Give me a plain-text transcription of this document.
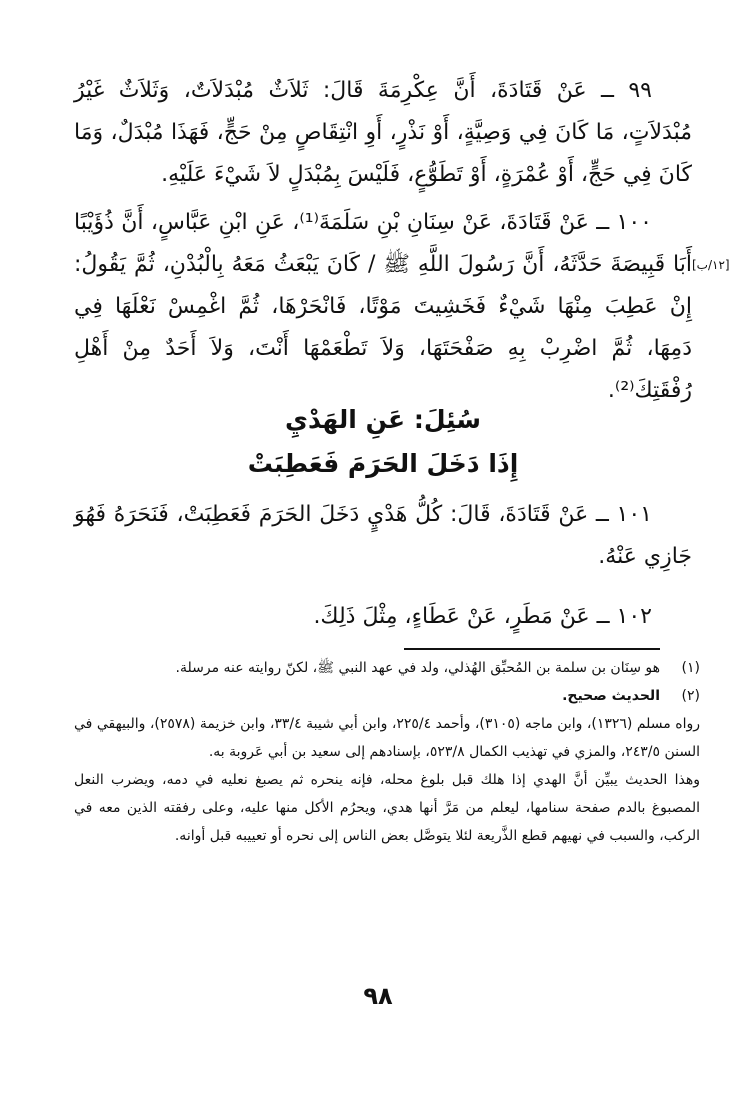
٩٩ ــ عَنْ قَتَادَةَ، أَنَّ عِكْرِمَةَ قَالَ: ثَلاَثٌ مُبْدَلاَتٌ، وَثَلاَثٌ غَيْرُ مُبْدَلاَتٍ، مَا كَانَ فِي وَصِيَّةٍ، أَوْ نَذْرٍ، أَوِ انْتِقَاصٍ مِنْ حَجٍّ، فَهَذَا مُبْدَلٌ، وَمَا كَانَ فِي حَجٍّ، أَوْ عُمْرَةٍ، أَوْ تَطَوُّعٍ، فَلَيْسَ بِمُبْدَلٍ لاَ شَيْءَ عَلَيْهِ.

١٠٠ ــ عَنْ قَتَادَةَ، عَنْ سِنَانِ بْنِ سَلَمَةَ⁽¹⁾، عَنِ ابْنِ عَبَّاسٍ، أَنَّ ذُؤَيْبًا أَبَا قَبِيصَةَ حَدَّثَهُ، أَنَّ رَسُولَ اللَّهِ ﷺ / كَانَ يَبْعَثُ مَعَهُ بِالْبُدْنِ، ثُمَّ يَقُولُ: إِنْ عَطِبَ مِنْهَا شَيْءٌ فَخَشِيتَ مَوْتًا، فَانْحَرْهَا، ثُمَّ اغْمِسْ نَعْلَهَا فِي دَمِهَا، ثُمَّ اضْرِبْ بِهِ صَفْحَتَهَا، وَلاَ تَطْعَمْهَا أَنْتَ، وَلاَ أَحَدٌ مِنْ أَهْلِ رُفْقَتِكَ⁽²⁾.

[١٢/ب]

سُئِلَ: عَنِ الهَدْيِ

إِذَا دَخَلَ الحَرَمَ فَعَطِبَتْ

١٠١ ــ عَنْ قَتَادَةَ، قَالَ: كُلُّ هَدْيٍ دَخَلَ الحَرَمَ فَعَطِبَتْ، فَنَحَرَهُ فَهُوَ جَازِي عَنْهُ.

١٠٢ ــ عَنْ مَطَرٍ، عَنْ عَطَاءٍ، مِثْلَ ذَلِكَ.

(١)هو سِنَان بن سلمة بن المُحبِّق الهُذلي، ولد في عهد النبي ﷺ، لكنّ روايته عنه مرسلة.

(٢)الحديث صحيح.

رواه مسلم (١٣٢٦)، وابن ماجه (٣١٠٥)، وأحمد ٢٢٥/٤، وابن أبي شيبة ٣٣/٤، وابن خزيمة (٢٥٧٨)، والبيهقي في السنن ٢٤٣/٥، والمزي في تهذيب الكمال ٥٢٣/٨، بإسنادهم إلى سعيد بن أبي عَروبة به.

وهذا الحديث يبيِّن أنَّ الهدي إذا هلك قبل بلوغ محله، فإنه ينحره ثم يصبغ نعليه في دمه، ويضرب النعل المصبوغ بالدم صفحة سنامها، ليعلم من مَرَّ أنها هدي، ويحرُم الأكل منها عليه، وعلى رفقته الذين معه في الركب، والسبب في نهيهم قطع الذَّريعة لئلا يتوصَّل بعض الناس إلى نحره أو تعييبه قبل أوانه.

٩٨
